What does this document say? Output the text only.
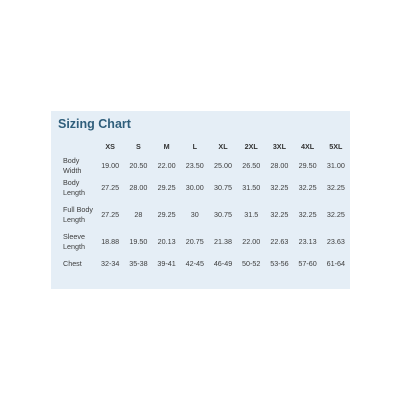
Sizing Chart
	XS	S	M	L	XL	2XL	3XL	4XL	5XL
Body Width	19.00	20.50	22.00	23.50	25.00	26.50	28.00	29.50	31.00
Body Length	27.25	28.00	29.25	30.00	30.75	31.50	32.25	32.25	32.25
Full Body Length	27.25	28	29.25	30	30.75	31.5	32.25	32.25	32.25
Sleeve Length	18.88	19.50	20.13	20.75	21.38	22.00	22.63	23.13	23.63
Chest	32-34	35-38	39-41	42-45	46-49	50-52	53-56	57-60	61-64
